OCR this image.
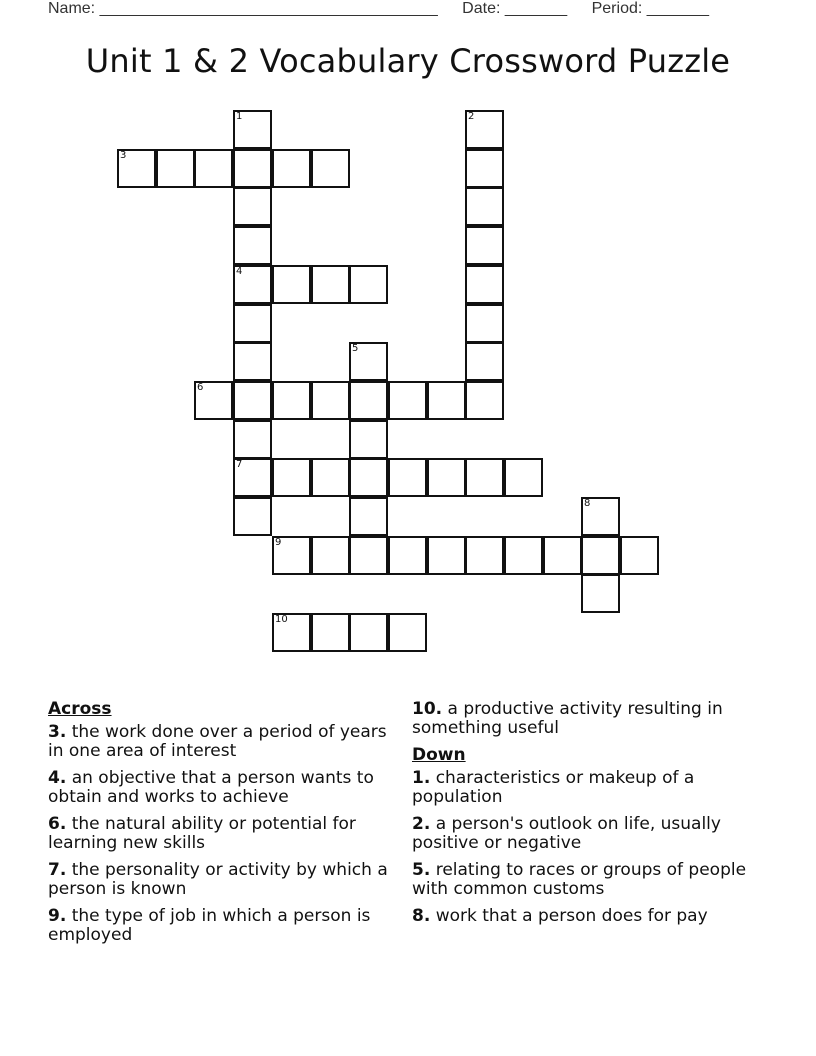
Name: ______________________________________ Date: _______ Period: _______
Unit 1 & 2 Vocabulary Crossword Puzzle
1
4
7
2
3
5
6
8
9
10
Across
3. the work done over a period of years in one area of interest
4. an objective that a person wants to obtain and works to achieve
6. the natural ability or potential for learning new skills
7. the personality or activity by which a person is known
9. the type of job in which a person is employed
10. a productive activity resulting in something useful
Down
1. characteristics or makeup of a population
2. a person's outlook on life, usually positive or negative
5. relating to races or groups of people with common customs
8. work that a person does for pay
